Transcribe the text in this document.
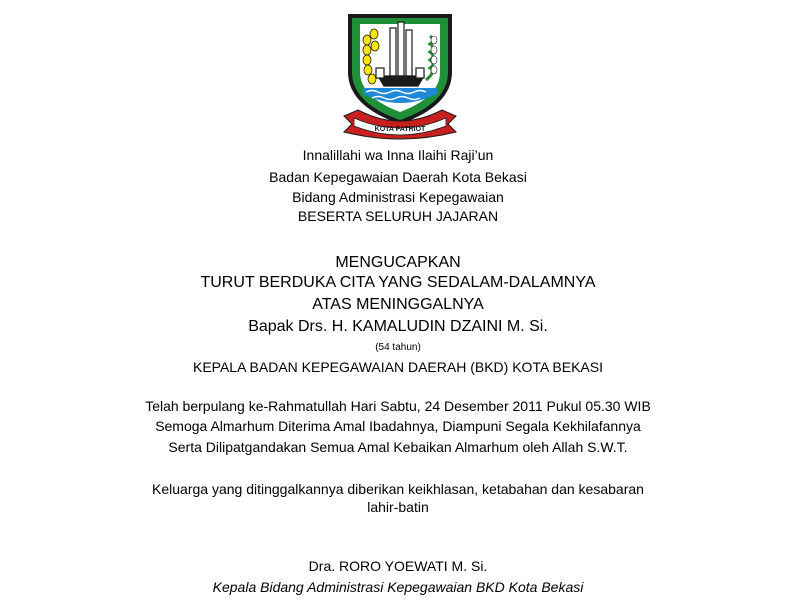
KOTA PATRIOT
Innalillahi wa Inna Ilaihi Raji’un
Badan Kepegawaian Daerah Kota Bekasi
Bidang Administrasi Kepegawaian
BESERTA SELURUH JAJARAN
MENGUCAPKAN
TURUT BERDUKA CITA YANG SEDALAM-DALAMNYA
ATAS MENINGGALNYA
Bapak Drs. H. KAMALUDIN DZAINI M. Si.
(54 tahun)
KEPALA BADAN KEPEGAWAIAN DAERAH (BKD) KOTA BEKASI
Telah berpulang ke-Rahmatullah Hari Sabtu, 24 Desember 2011 Pukul 05.30 WIB
Semoga Almarhum Diterima Amal Ibadahnya, Diampuni Segala Kekhilafannya
Serta Dilipatgandakan Semua Amal Kebaikan Almarhum oleh Allah S.W.T.
Keluarga yang ditinggalkannya diberikan keikhlasan, ketabahan dan kesabaran
lahir-batin
Dra. RORO YOEWATI M. Si.
Kepala Bidang Administrasi Kepegawaian BKD Kota Bekasi
